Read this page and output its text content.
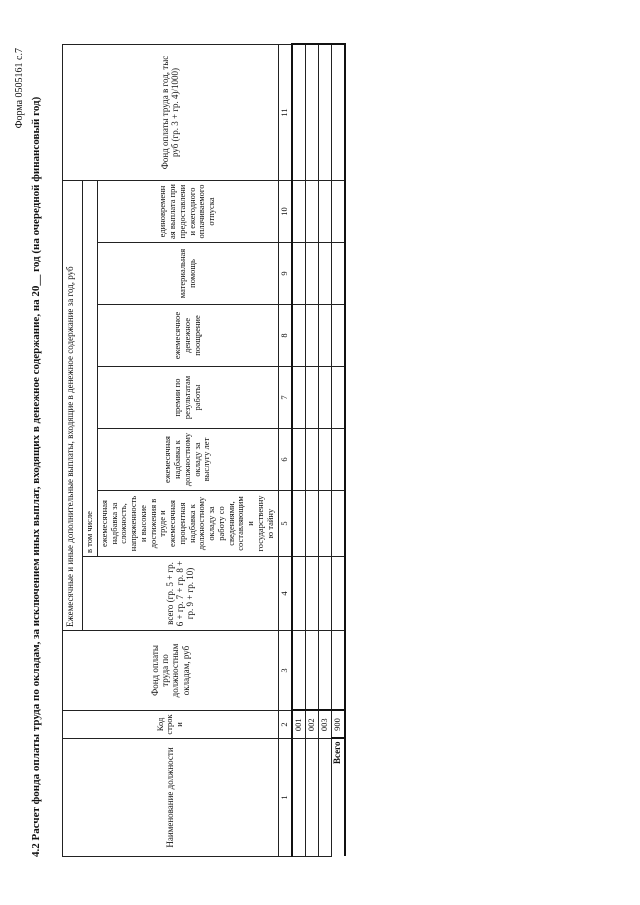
Форма 0505161 с.7
4.2 Расчет фонда оплаты труда по окладам, за исключением иных выплат, входящих в денежное содержание, на 20__ год (на очередной финансовый год)	Наименование должности	Код строки	Фонд оплаты труда по должностным окладам, руб	Ежемесячные и иные дополнительные выплаты, входящие в денежное содержание за год, руб							Фонд оплаты труда в год, тыс руб (гр. 3 + гр. 4)/1000)
			всего (гр. 5 + гр. 6 + гр. 7 + гр. 8 + гр. 9 + гр. 10)	в том числе						
				ежемесячная надбавка за сложность, напряженность и высокие достижения в труде и ежемесячная процентная надбавка к должностному окладу за работу со сведениями, составляющими государственную тайну	ежемесячная надбавка к должностному окладу за выслугу лет	премии по результатам работы	ежемесячное денежное поощрение	материальная помощь	единовременная выплата при предоставлении ежегодного оплачиваемого отпуска	
1	2	3	4	5	6	7	8	9	10	11
	001									
	002									
	003									
Всего	900									
